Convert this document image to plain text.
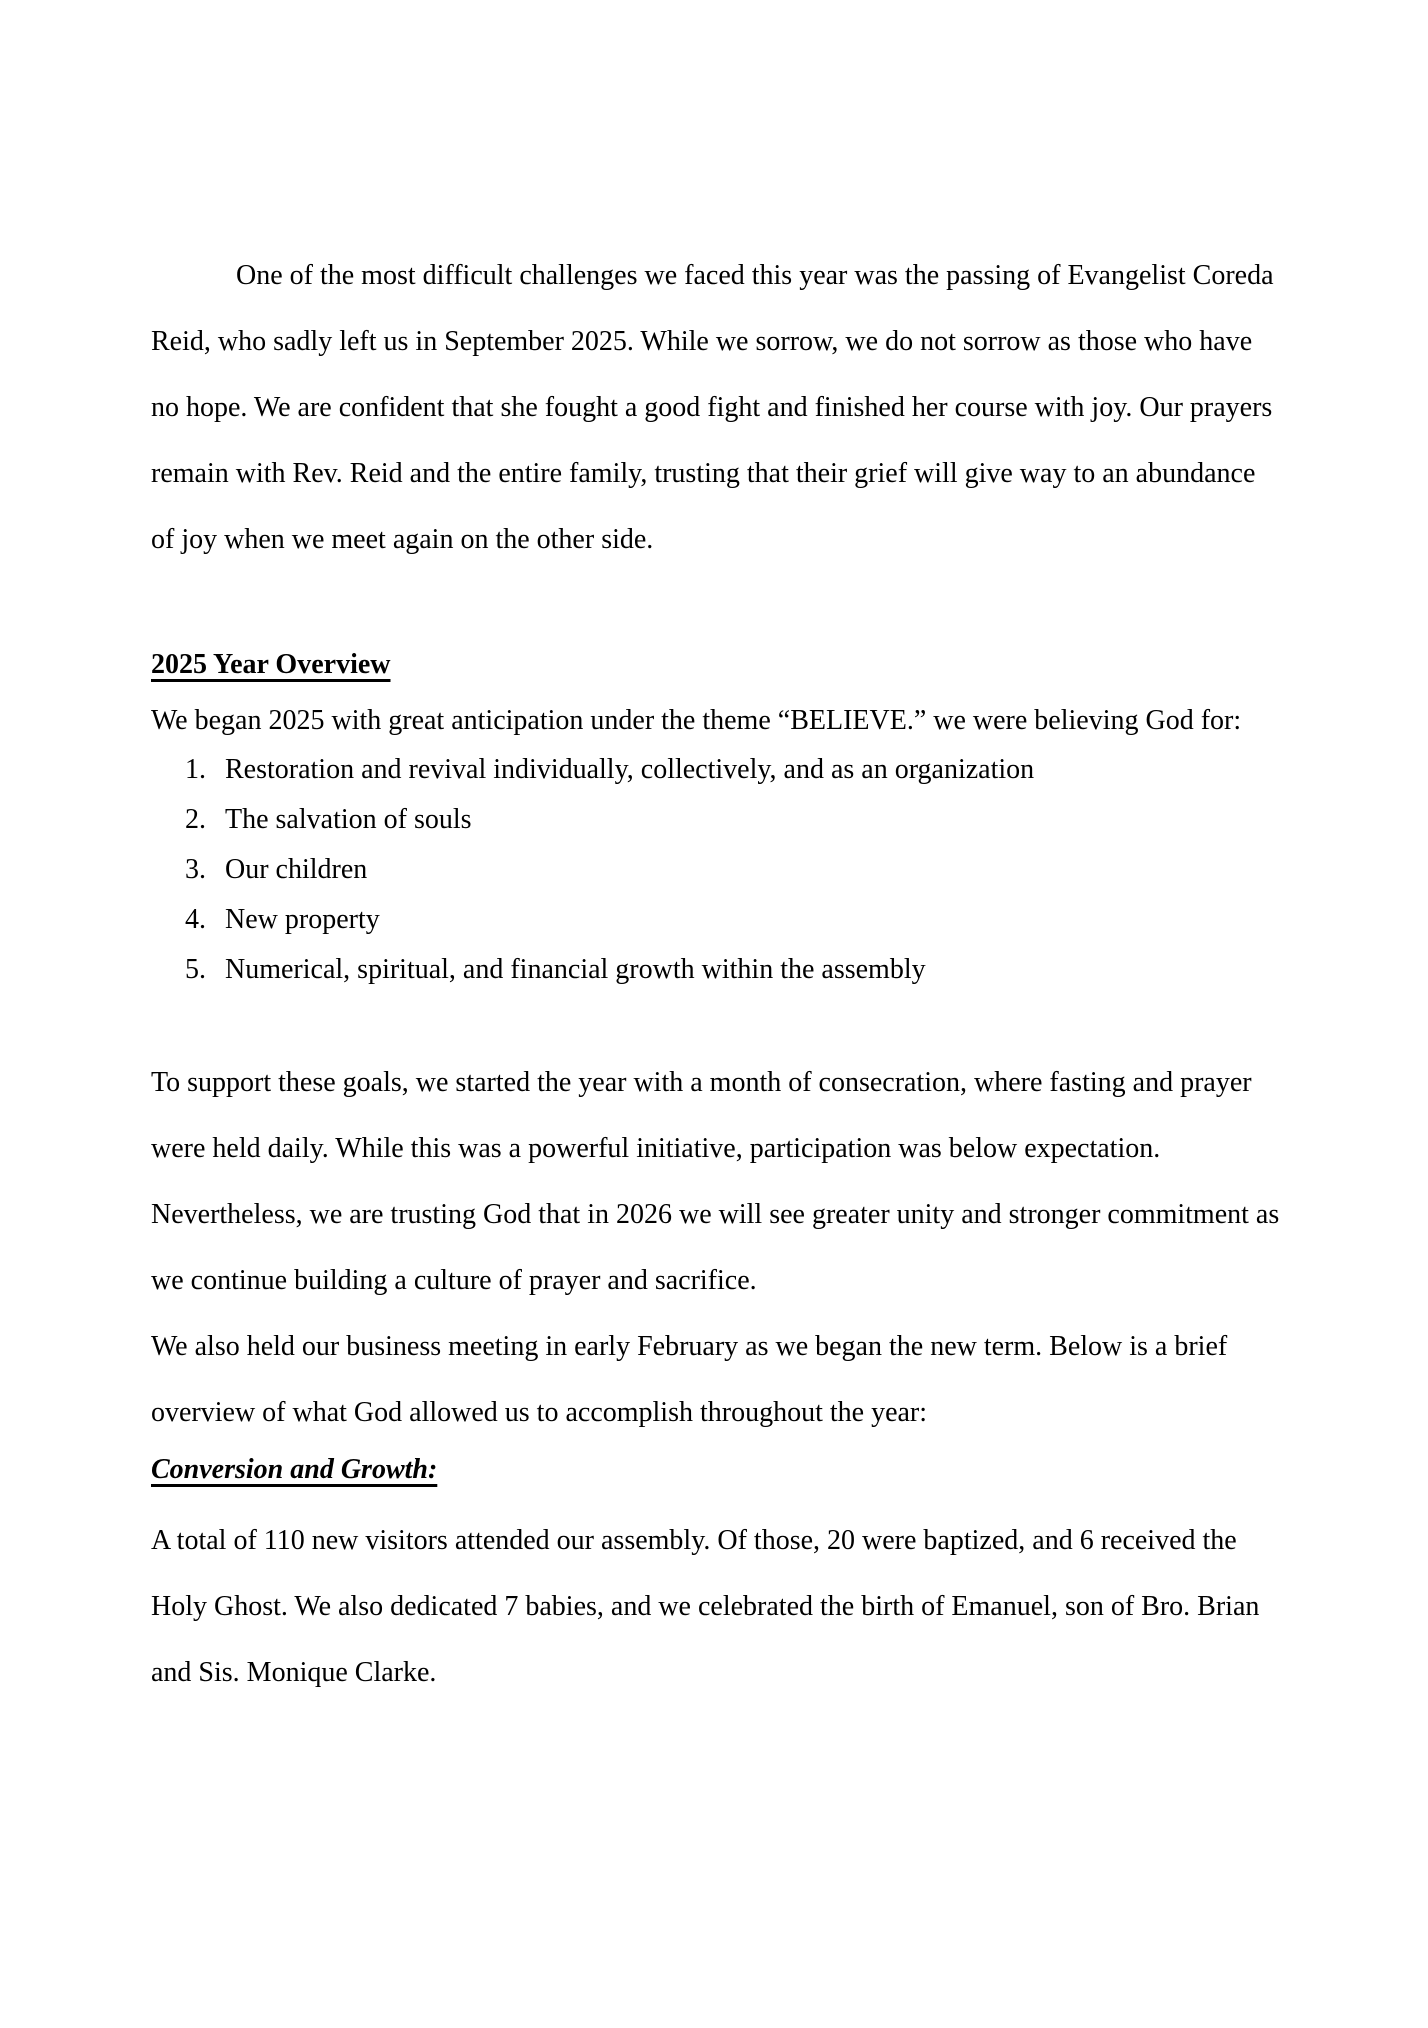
One of the most difficult challenges we faced this year was the passing of Evangelist Coreda Reid, who sadly left us in September 2025. While we sorrow, we do not sorrow as those who have no hope. We are confident that she fought a good fight and finished her course with joy. Our prayers remain with Rev. Reid and the entire family, trusting that their grief will give way to an abundance of joy when we meet again on the other side.

2025 Year Overview

We began 2025 with great anticipation under the theme “BELIEVE.” we were believing God for:

1. Restoration and revival individually, collectively, and as an organization
2. The salvation of souls
3. Our children
4. New property
5. Numerical, spiritual, and financial growth within the assembly

To support these goals, we started the year with a month of consecration, where fasting and prayer were held daily. While this was a powerful initiative, participation was below expectation. Nevertheless, we are trusting God that in 2026 we will see greater unity and stronger commitment as we continue building a culture of prayer and sacrifice.

We also held our business meeting in early February as we began the new term. Below is a brief overview of what God allowed us to accomplish throughout the year:

Conversion and Growth:

A total of 110 new visitors attended our assembly. Of those, 20 were baptized, and 6 received the Holy Ghost. We also dedicated 7 babies, and we celebrated the birth of Emanuel, son of Bro. Brian and Sis. Monique Clarke.
